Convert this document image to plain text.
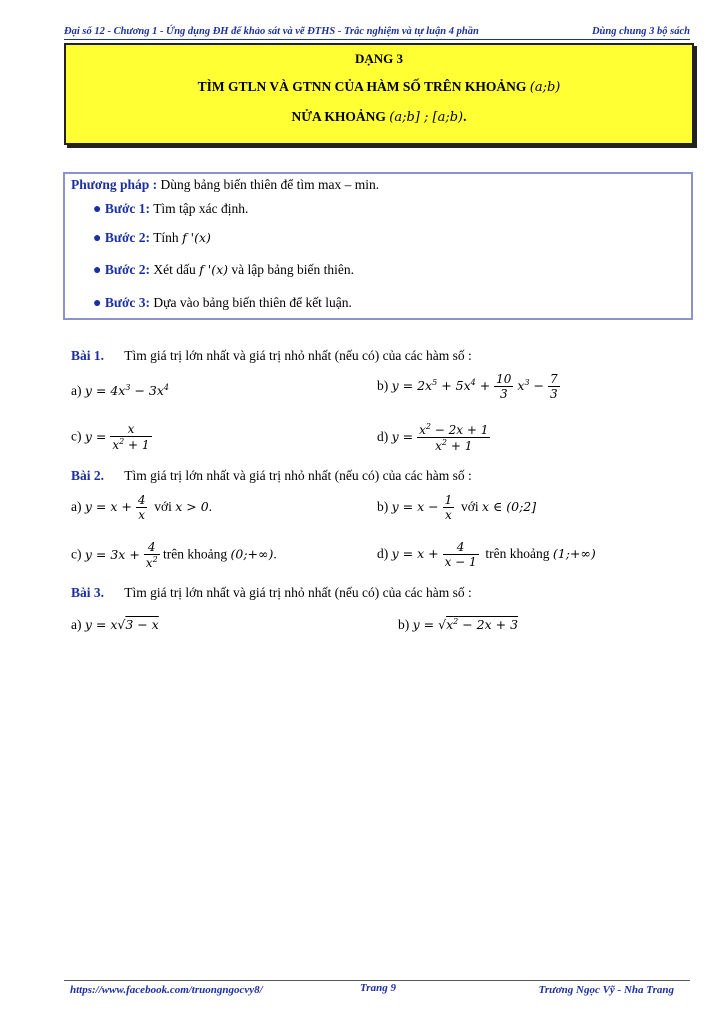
Đại số 12 - Chương 1 - Ứng dụng ĐH để khảo sát và vẽ ĐTHS - Trắc nghiệm và tự luận 4 phần	Dùng chung 3 bộ sách
DẠNG 3
TÌM GTLN VÀ GTNN CỦA HÀM SỐ TRÊN KHOẢNG (a;b)
NỬA KHOẢNG (a;b] ; [a;b).
Phương pháp : Dùng bảng biến thiên để tìm max – min.
● Bước 1: Tìm tập xác định.
● Bước 2: Tính f '(x)
● Bước 2: Xét dấu f '(x) và lập bảng biến thiên.
● Bước 3: Dựa vào bảng biến thiên để kết luận.
Bài 1. Tìm giá trị lớn nhất và giá trị nhỏ nhất (nếu có) của các hàm số :
a) $y = 4x^3 - 3x^4$	b) $y = 2x^5 + 5x^4 + \frac{10}{3} x^3 - \frac{7}{3}$
c) $y = \frac{x}{x^2 + 1}$	d) $y = \frac{x^2 - 2x + 1}{x^2 + 1}$
Bài 2. Tìm giá trị lớn nhất và giá trị nhỏ nhất (nếu có) của các hàm số :
a) $y = x + \frac{4}{x}$ với x > 0.	b) $y = x - \frac{1}{x}$ với x ∈ (0;2]
c) $y = 3x + \frac{4}{x^2}$ trên khoảng (0;+∞).	d) $y = x + \frac{4}{x - 1}$ trên khoảng (1;+∞)
Bài 3. Tìm giá trị lớn nhất và giá trị nhỏ nhất (nếu có) của các hàm số :
a) y = x√3 − x	b) $y = √x^2 - 2x + 3$
https://www.facebook.com/truongngocvy8/	Trang 9	Trương Ngọc Vỹ - Nha Trang
